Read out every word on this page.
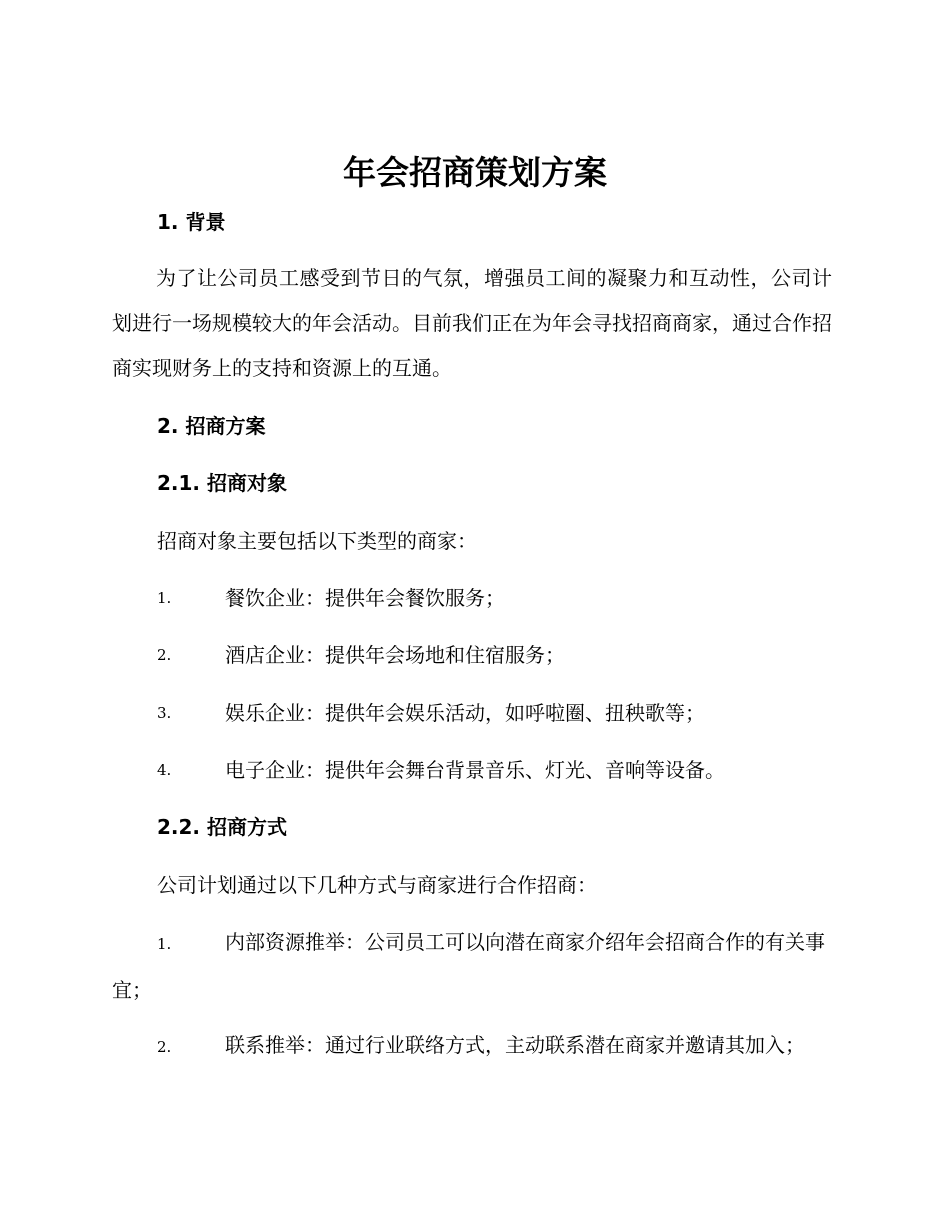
年会招商策划方案
1. 背景
为了让公司员工感受到节日的气氛，增强员工间的凝聚力和互动性，公司计划进行一场规模较大的年会活动。目前我们正在为年会寻找招商商家，通过合作招商实现财务上的支持和资源上的互通。
2. 招商方案
2.1. 招商对象
招商对象主要包括以下类型的商家：
1.	餐饮企业：提供年会餐饮服务；
2.	酒店企业：提供年会场地和住宿服务；
3.	娱乐企业：提供年会娱乐活动，如呼啦圈、扭秧歌等；
4.	电子企业：提供年会舞台背景音乐、灯光、音响等设备。
2.2. 招商方式
公司计划通过以下几种方式与商家进行合作招商：
1.	内部资源推举：公司员工可以向潜在商家介绍年会招商合作的有关事宜；
2.	联系推举：通过行业联络方式，主动联系潜在商家并邀请其加入；
